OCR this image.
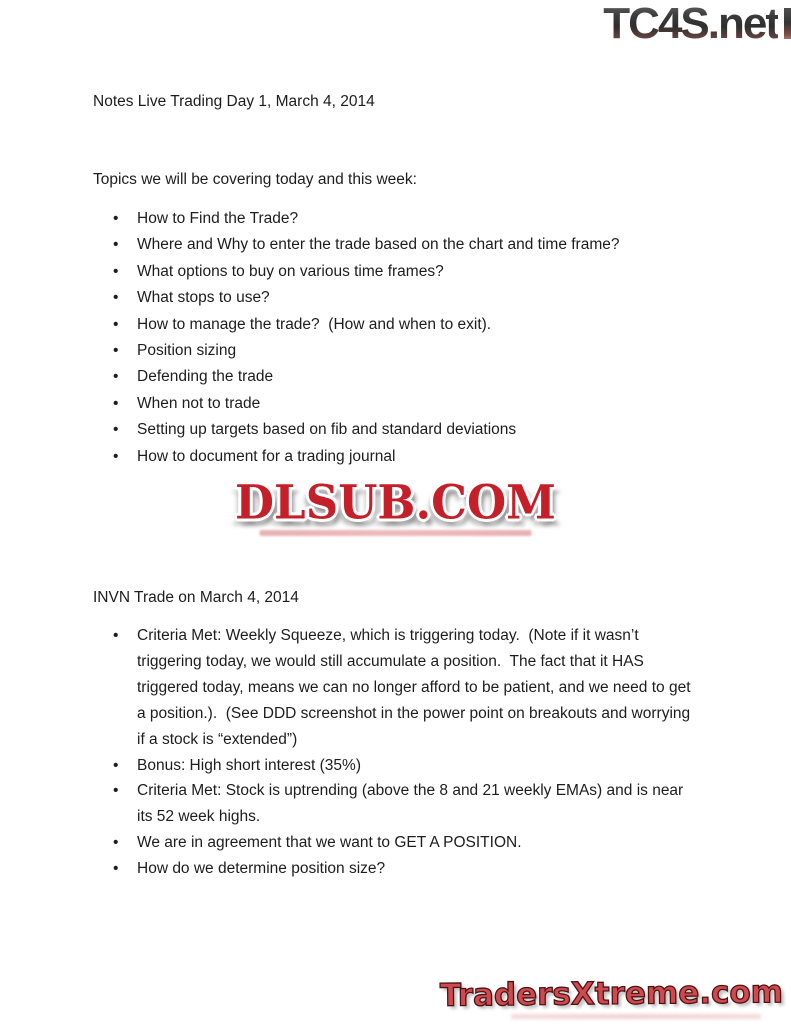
TC4S.net
Notes Live Trading Day 1, March 4, 2014
Topics we will be covering today and this week:
•	How to Find the Trade?
•	Where and Why to enter the trade based on the chart and time frame?
•	What options to buy on various time frames?
•	What stops to use?
•	How to manage the trade?  (How and when to exit).
•	Position sizing
•	Defending the trade
•	When not to trade
•	Setting up targets based on fib and standard deviations
•	How to document for a trading journal
DLSUB.COM
INVN Trade on March 4, 2014
•	Criteria Met: Weekly Squeeze, which is triggering today.  (Note if it wasn’t triggering today, we would still accumulate a position.  The fact that it HAS triggered today, means we can no longer afford to be patient, and we need to get a position.).  (See DDD screenshot in the power point on breakouts and worrying if a stock is “extended”)
•	Bonus: High short interest (35%)
•	Criteria Met: Stock is uptrending (above the 8 and 21 weekly EMAs) and is near its 52 week highs.
•	We are in agreement that we want to GET A POSITION.
•	How do we determine position size?
TradersXtreme.com
